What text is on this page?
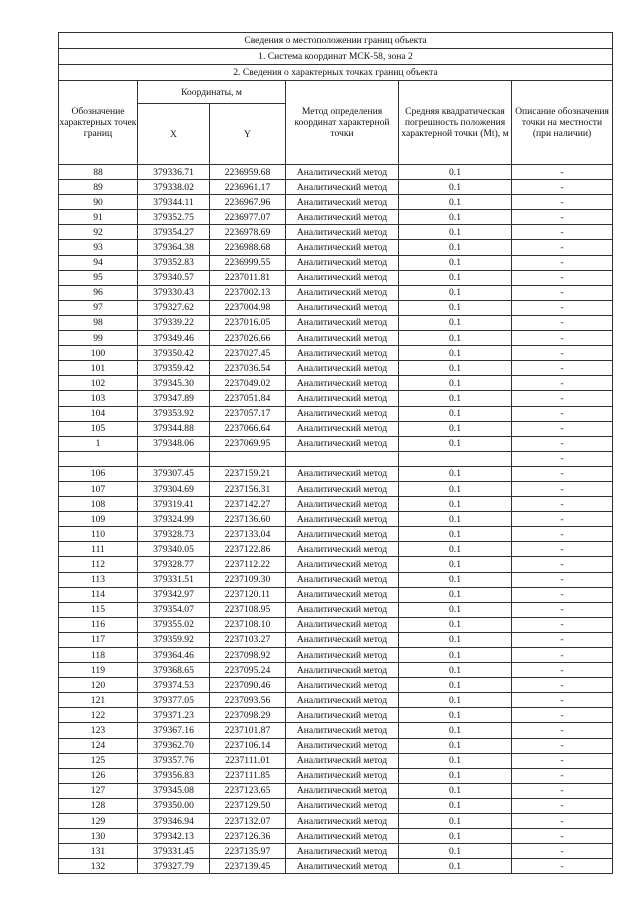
Сведения о местоположении границ объекта					
1. Система координат МСК-58, зона 2					
2. Сведения о характерных точках границ объекта					
Обозначение характерных точек границ	Координаты, м		Метод определения координат характерной точки	Средняя квадратическая погрешность положения характерной точки (Mt), м	Описание обозначения точки на местности (при наличии)
	X	Y			
88	379336.71	2236959.68	Аналитический метод	0.1	-
89	379338.02	2236961.17	Аналитический метод	0.1	-
90	379344.11	2236967.96	Аналитический метод	0.1	-
91	379352.75	2236977.07	Аналитический метод	0.1	-
92	379354.27	2236978.69	Аналитический метод	0.1	-
93	379364.38	2236988.68	Аналитический метод	0.1	-
94	379352.83	2236999.55	Аналитический метод	0.1	-
95	379340.57	2237011.81	Аналитический метод	0.1	-
96	379330.43	2237002.13	Аналитический метод	0.1	-
97	379327.62	2237004.98	Аналитический метод	0.1	-
98	379339.22	2237016.05	Аналитический метод	0.1	-
99	379349.46	2237026.66	Аналитический метод	0.1	-
100	379350.42	2237027.45	Аналитический метод	0.1	-
101	379359.42	2237036.54	Аналитический метод	0.1	-
102	379345.30	2237049.02	Аналитический метод	0.1	-
103	379347.89	2237051.84	Аналитический метод	0.1	-
104	379353.92	2237057.17	Аналитический метод	0.1	-
105	379344.88	2237066.64	Аналитический метод	0.1	-
1	379348.06	2237069.95	Аналитический метод	0.1	-
					-
106	379307.45	2237159.21	Аналитический метод	0.1	-
107	379304.69	2237156.31	Аналитический метод	0.1	-
108	379319.41	2237142.27	Аналитический метод	0.1	-
109	379324.99	2237136.60	Аналитический метод	0.1	-
110	379328.73	2237133.04	Аналитический метод	0.1	-
111	379340.05	2237122.86	Аналитический метод	0.1	-
112	379328.77	2237112.22	Аналитический метод	0.1	-
113	379331.51	2237109.30	Аналитический метод	0.1	-
114	379342.97	2237120.11	Аналитический метод	0.1	-
115	379354.07	2237108.95	Аналитический метод	0.1	-
116	379355.02	2237108.10	Аналитический метод	0.1	-
117	379359.92	2237103.27	Аналитический метод	0.1	-
118	379364.46	2237098.92	Аналитический метод	0.1	-
119	379368.65	2237095.24	Аналитический метод	0.1	-
120	379374.53	2237090.46	Аналитический метод	0.1	-
121	379377.05	2237093.56	Аналитический метод	0.1	-
122	379371.23	2237098.29	Аналитический метод	0.1	-
123	379367.16	2237101.87	Аналитический метод	0.1	-
124	379362.70	2237106.14	Аналитический метод	0.1	-
125	379357.76	2237111.01	Аналитический метод	0.1	-
126	379356.83	2237111.85	Аналитический метод	0.1	-
127	379345.08	2237123.65	Аналитический метод	0.1	-
128	379350.00	2237129.50	Аналитический метод	0.1	-
129	379346.94	2237132.07	Аналитический метод	0.1	-
130	379342.13	2237126.36	Аналитический метод	0.1	-
131	379331.45	2237135.97	Аналитический метод	0.1	-
132	379327.79	2237139.45	Аналитический метод	0.1	-
